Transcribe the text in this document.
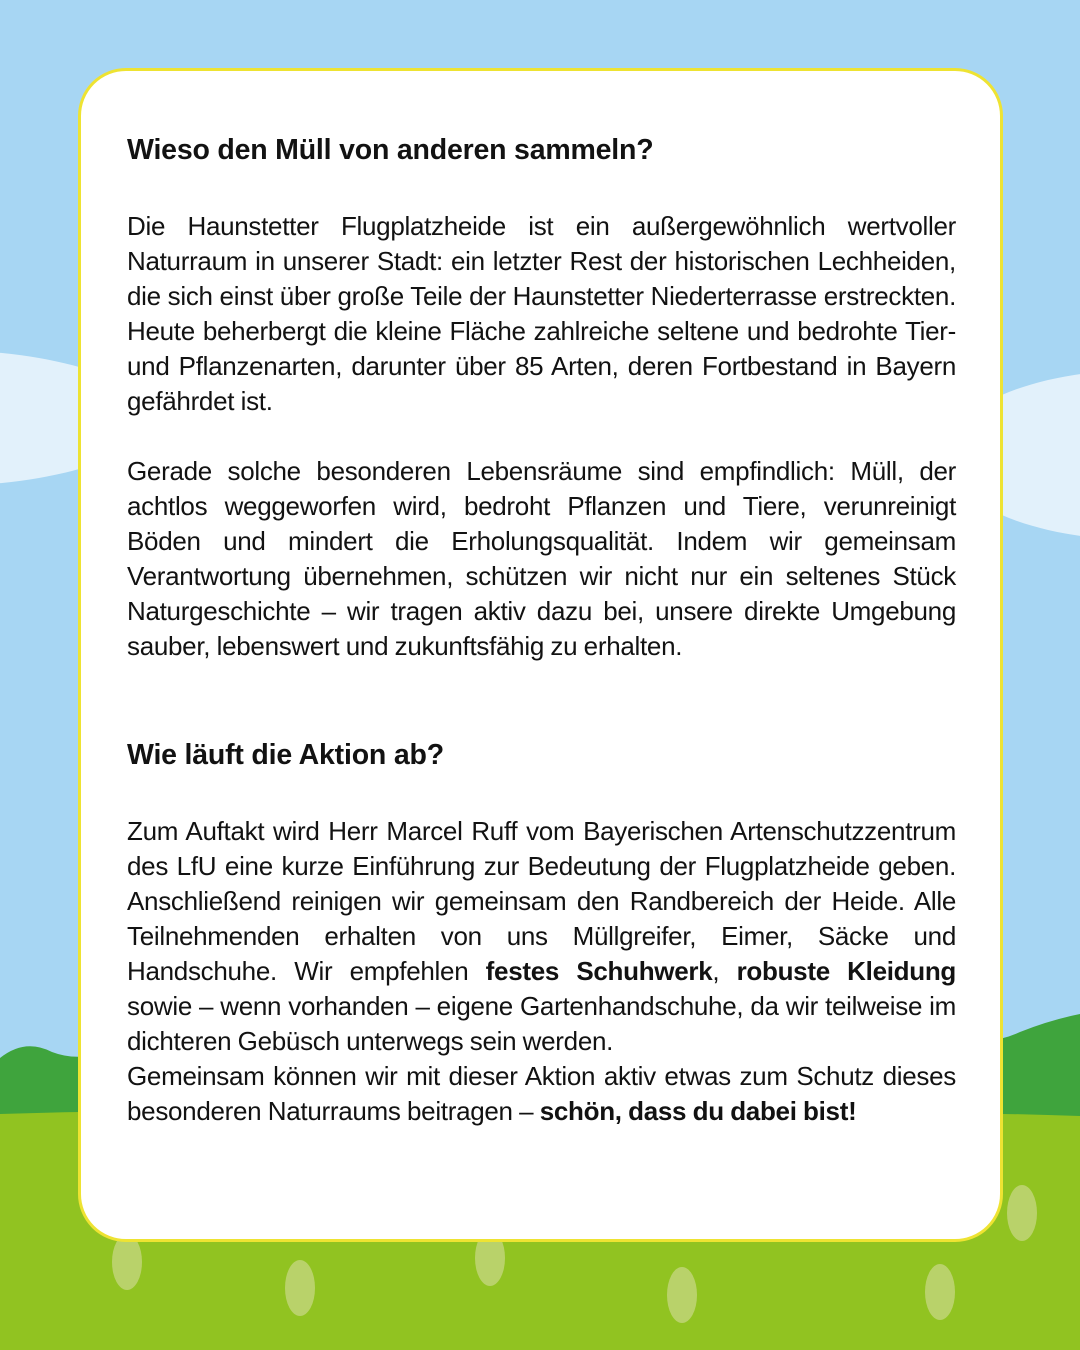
Wieso den Müll von anderen sammeln?

Die Haunstetter Flugplatzheide ist ein außergewöhnlich wertvoller Naturraum in unserer Stadt: ein letzter Rest der historischen Lechheiden, die sich einst über große Teile der Haunstetter Niederterrasse erstreckten. Heute beherbergt die kleine Fläche zahlreiche seltene und bedrohte Tier- und Pflanzenarten, darunter über 85 Arten, deren Fortbestand in Bayern gefährdet ist.

Gerade solche besonderen Lebensräume sind empfindlich: Müll, der achtlos weggeworfen wird, bedroht Pflanzen und Tiere, verunreinigt Böden und mindert die Erholungsqualität. Indem wir gemeinsam Verantwortung übernehmen, schützen wir nicht nur ein seltenes Stück Naturgeschichte – wir tragen aktiv dazu bei, unsere direkte Umgebung sauber, lebenswert und zukunftsfähig zu erhalten.

Wie läuft die Aktion ab?

Zum Auftakt wird Herr Marcel Ruff vom Bayerischen Artenschutzzentrum des LfU eine kurze Einführung zur Bedeutung der Flugplatzheide geben. Anschließend reinigen wir gemeinsam den Randbereich der Heide. Alle Teilnehmenden erhalten von uns Müllgreifer, Eimer, Säcke und Handschuhe. Wir empfehlen festes Schuhwerk, robuste Kleidung sowie – wenn vorhanden – eigene Gartenhandschuhe, da wir teilweise im dichteren Gebüsch unterwegs sein werden.

Gemeinsam können wir mit dieser Aktion aktiv etwas zum Schutz dieses besonderen Naturraums beitragen – schön, dass du dabei bist!
